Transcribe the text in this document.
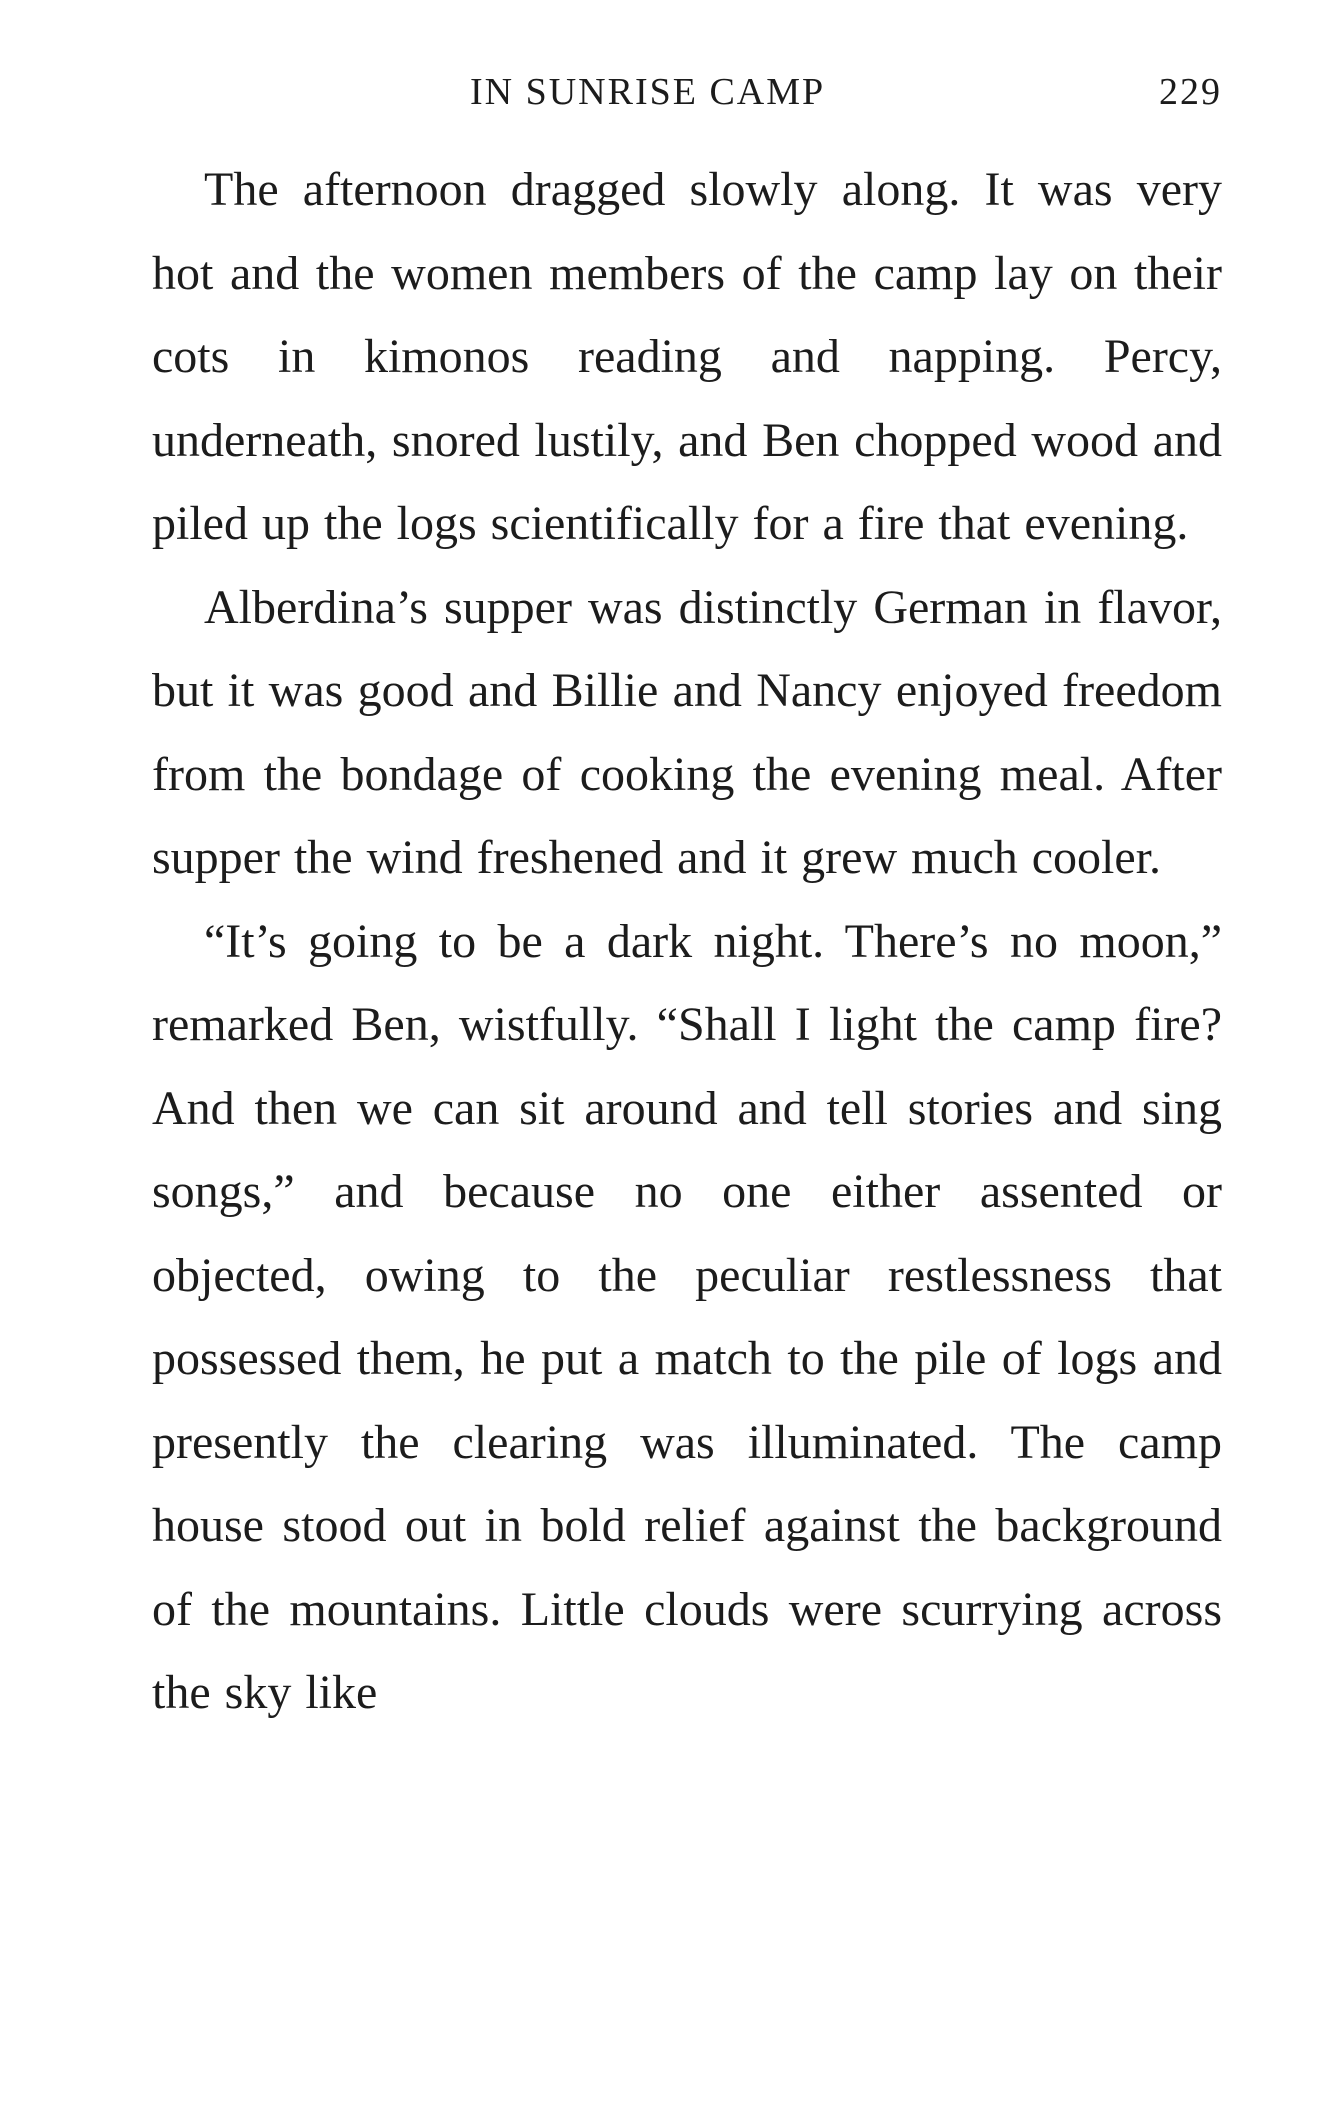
IN SUNRISE CAMP	229

The afternoon dragged slowly along. It was very hot and the women members of the camp lay on their cots in kimonos reading and napping. Percy, underneath, snored lustily, and Ben chopped wood and piled up the logs scientifically for a fire that evening.

Alberdina’s supper was distinctly German in flavor, but it was good and Billie and Nancy enjoyed freedom from the bondage of cooking the evening meal. After supper the wind freshened and it grew much cooler.

“It’s going to be a dark night. There’s no moon,” remarked Ben, wistfully. “Shall I light the camp fire? And then we can sit around and tell stories and sing songs,” and because no one either assented or objected, owing to the peculiar restlessness that possessed them, he put a match to the pile of logs and presently the clearing was illuminated. The camp house stood out in bold relief against the background of the mountains. Little clouds were scurrying across the sky like
